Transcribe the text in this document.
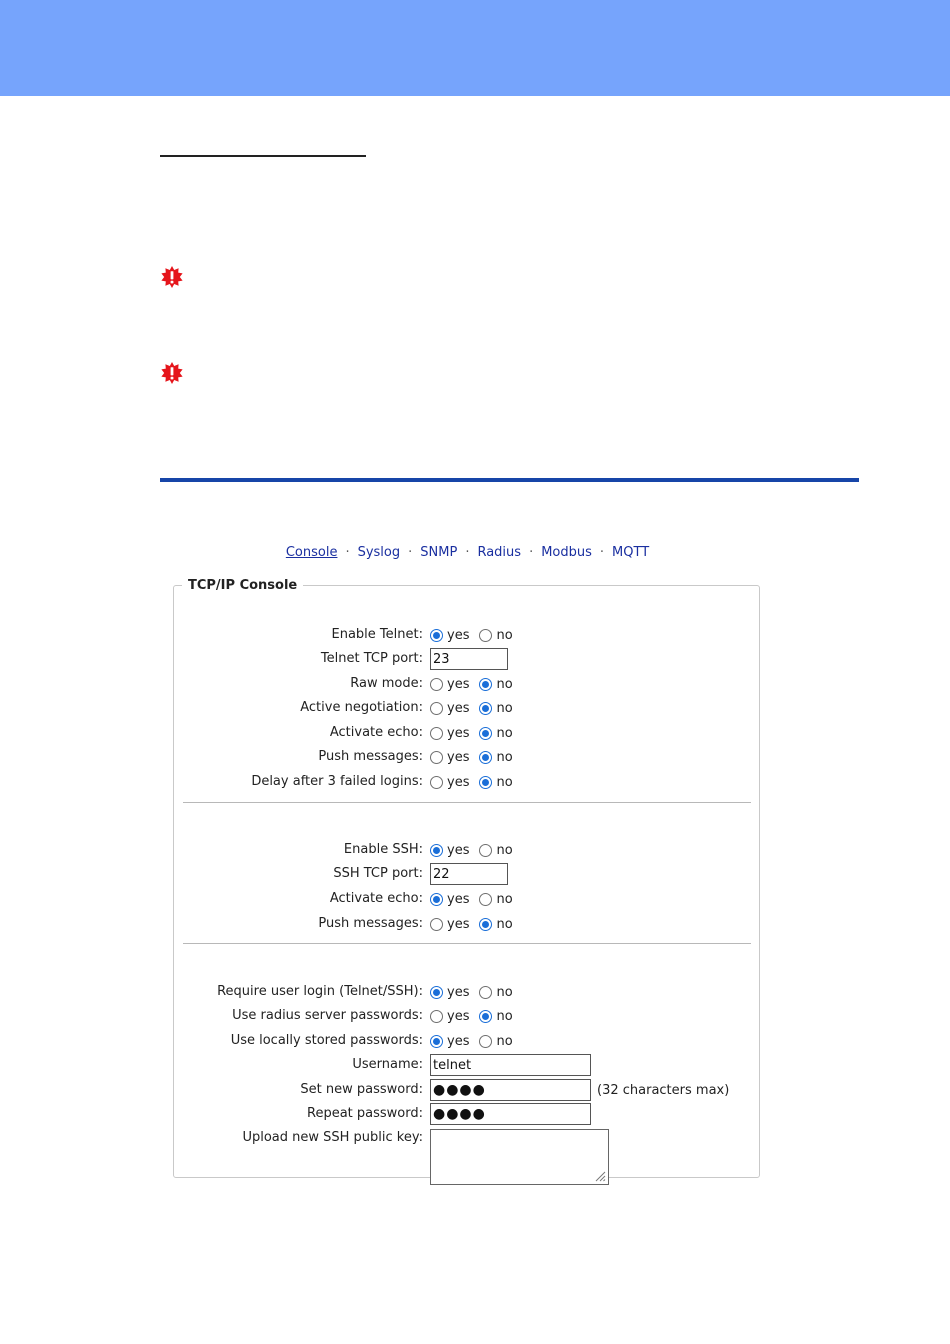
Console · Syslog · SNMP · Radius · Modbus · MQTT
TCP/IP Console
Enable Telnet: yes no
Telnet TCP port: 23
Raw mode: yes no
Active negotiation: yes no
Activate echo: yes no
Push messages: yes no
Delay after 3 failed logins: yes no
Enable SSH: yes no
SSH TCP port: 22
Activate echo: yes no
Push messages: yes no
Require user login (Telnet/SSH): yes no
Use radius server passwords: yes no
Use locally stored passwords: yes no
Username: telnet
Set new password: ●●●●	(32 characters max)
Repeat password: ●●●●
Upload new SSH public key:
